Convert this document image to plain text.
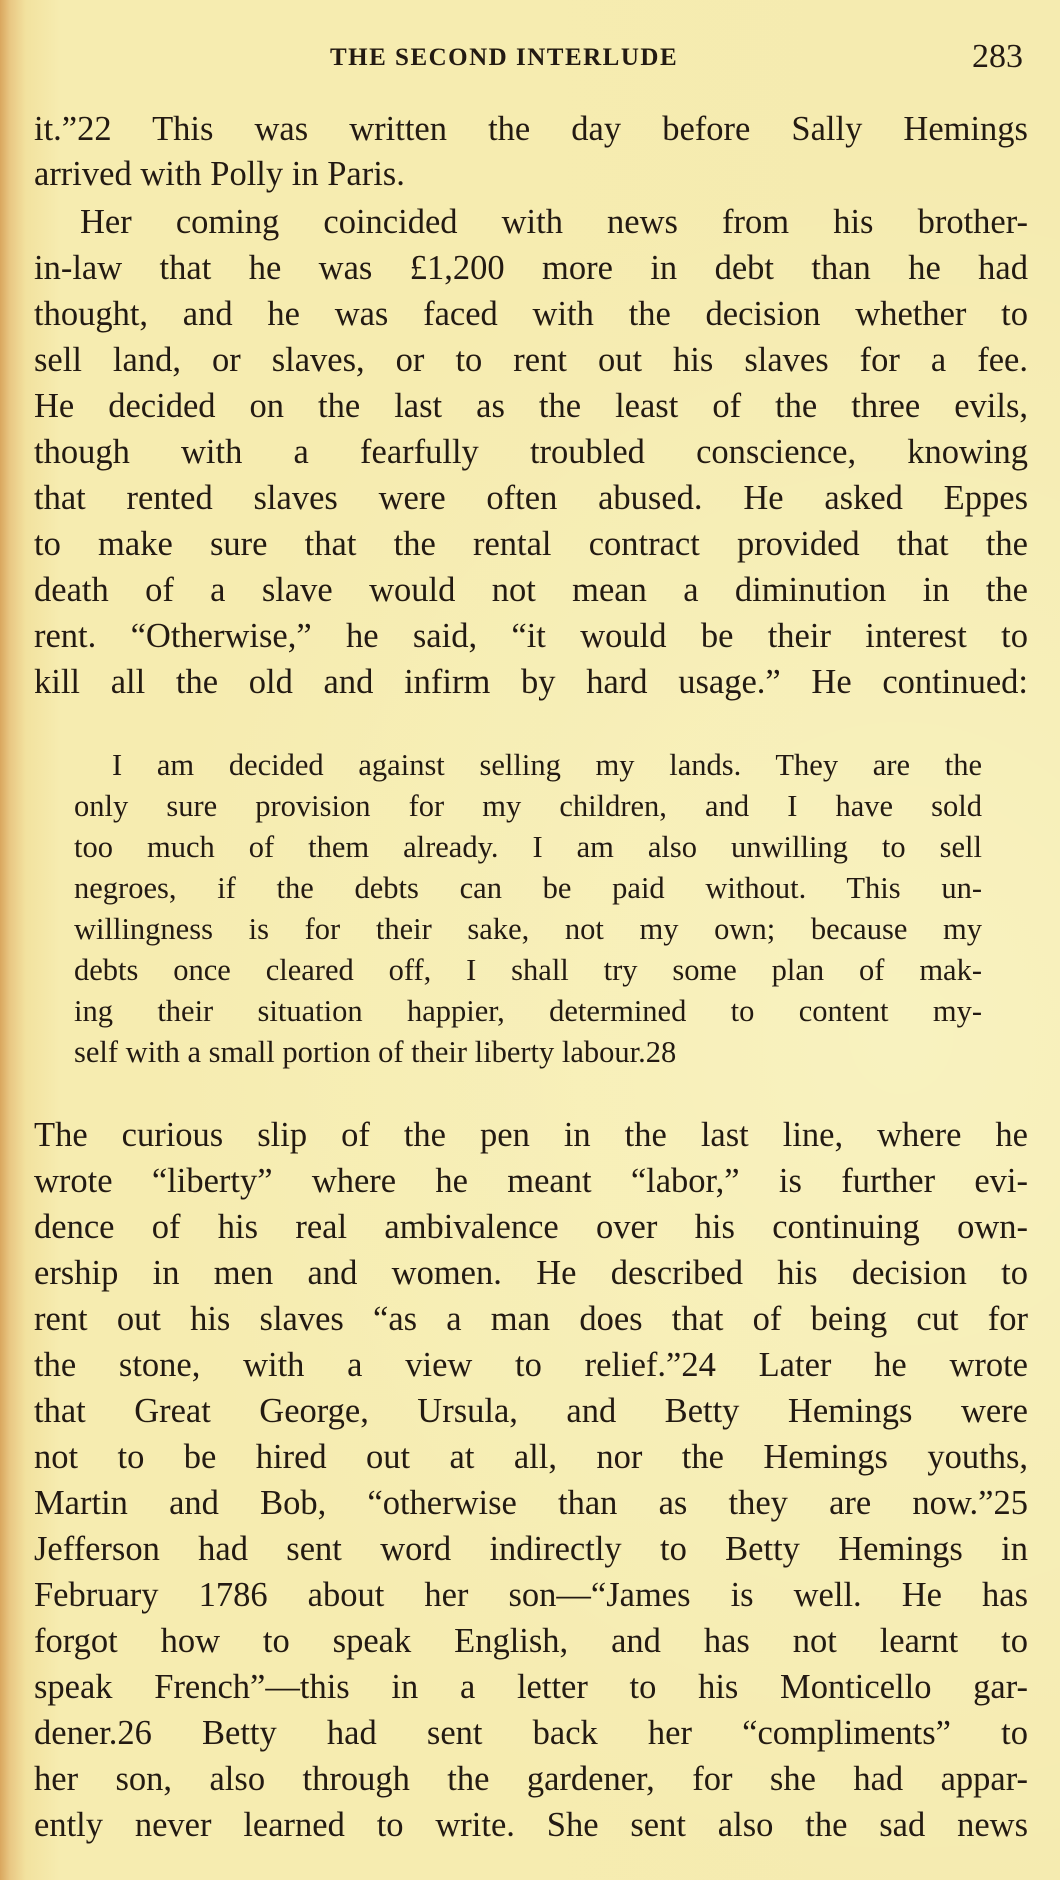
THE SECOND INTERLUDE	283
it.”22 This was written the day before Sally Hemings
arrived with Polly in Paris.
Her coming coincided with news from his brother-
in-law that he was £1,200 more in debt than he had
thought, and he was faced with the decision whether to
sell land, or slaves, or to rent out his slaves for a fee.
He decided on the last as the least of the three evils,
though with a fearfully troubled conscience, knowing
that rented slaves were often abused. He asked Eppes
to make sure that the rental contract provided that the
death of a slave would not mean a diminution in the
rent. “Otherwise,” he said, “it would be their interest to
kill all the old and infirm by hard usage.” He continued:
I am decided against selling my lands. They are the
only sure provision for my children, and I have sold
too much of them already. I am also unwilling to sell
negroes, if the debts can be paid without. This un-
willingness is for their sake, not my own; because my
debts once cleared off, I shall try some plan of mak-
ing their situation happier, determined to content my-
self with a small portion of their liberty labour.28
The curious slip of the pen in the last line, where he
wrote “liberty” where he meant “labor,” is further evi-
dence of his real ambivalence over his continuing own-
ership in men and women. He described his decision to
rent out his slaves “as a man does that of being cut for
the stone, with a view to relief.”24 Later he wrote
that Great George, Ursula, and Betty Hemings were
not to be hired out at all, nor the Hemings youths,
Martin and Bob, “otherwise than as they are now.”25
Jefferson had sent word indirectly to Betty Hemings in
February 1786 about her son—“James is well. He has
forgot how to speak English, and has not learnt to
speak French”—this in a letter to his Monticello gar-
dener.26 Betty had sent back her “compliments” to
her son, also through the gardener, for she had appar-
ently never learned to write. She sent also the sad news
